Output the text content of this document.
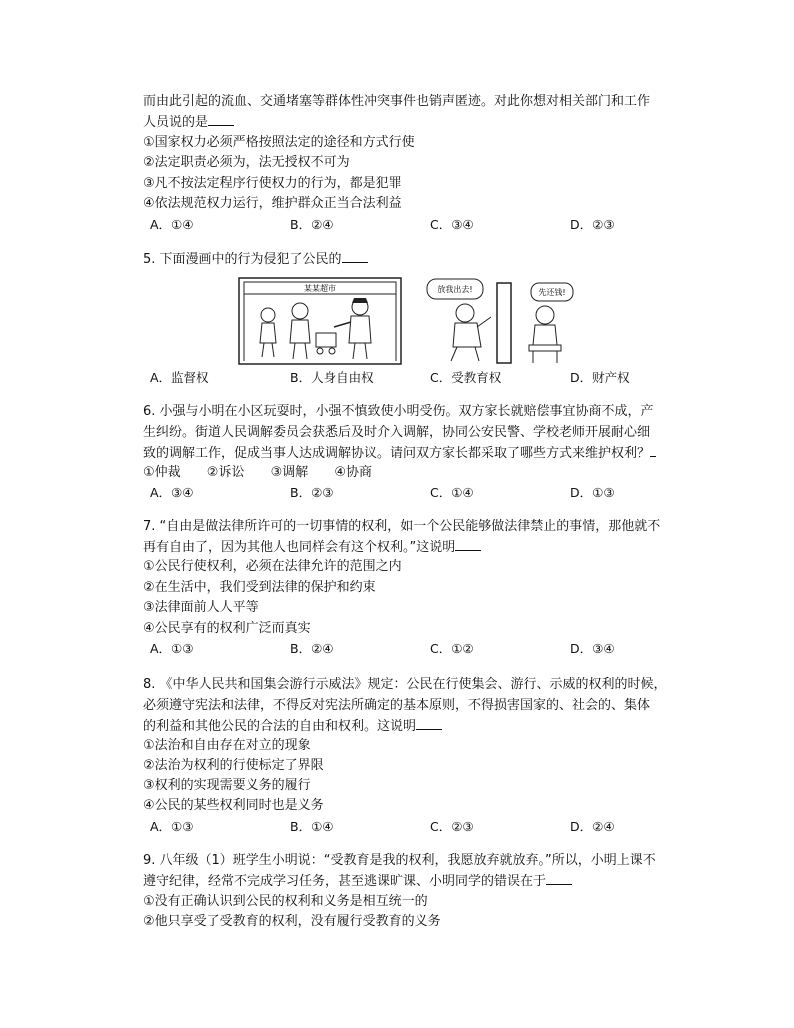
而由此引起的流血、交通堵塞等群体性冲突事件也销声匿迹。对此你想对相关部门和工作
人员说的是
①国家权力必须严格按照法定的途径和方式行使
②法定职责必须为，法无授权不可为
③凡不按法定程序行使权力的行为，都是犯罪
④依法规范权力运行，维护群众正当合法利益
A．①④	B．②④	C．③④	D．②③
5. 下面漫画中的行为侵犯了公民的
某某超市	放我出去!	先还钱!
A．监督权	B．人身自由权	C．受教育权	D．财产权
6. 小强与小明在小区玩耍时，小强不慎致使小明受伤。双方家长就赔偿事宜协商不成，产
生纠纷。街道人民调解委员会获悉后及时介入调解，协同公安民警、学校老师开展耐心细
致的调解工作，促成当事人达成调解协议。请问双方家长都采取了哪些方式来维护权利？
①仲裁 ②诉讼 ③调解 ④协商
A．③④	B．②③	C．①④	D．①③
7. “自由是做法律所许可的一切事情的权利，如一个公民能够做法律禁止的事情，那他就不
再有自由了，因为其他人也同样会有这个权利。”这说明
①公民行使权利，必须在法律允许的范围之内
②在生活中，我们受到法律的保护和约束
③法律面前人人平等
④公民享有的权利广泛而真实
A．①③	B．②④	C．①②	D．③④
8. 《中华人民共和国集会游行示威法》规定：公民在行使集会、游行、示威的权利的时候，
必须遵守宪法和法律，不得反对宪法所确定的基本原则，不得损害国家的、社会的、集体
的利益和其他公民的合法的自由和权利。这说明
①法治和自由存在对立的现象
②法治为权利的行使标定了界限
③权利的实现需要义务的履行
④公民的某些权利同时也是义务
A．①③	B．①④	C．②③	D．②④
9. 八年级（1）班学生小明说：“受教育是我的权利，我愿放弃就放弃。”所以，小明上课不
遵守纪律，经常不完成学习任务，甚至逃课旷课、小明同学的错误在于
①没有正确认识到公民的权利和义务是相互统一的
②他只享受了受教育的权利，没有履行受教育的义务
